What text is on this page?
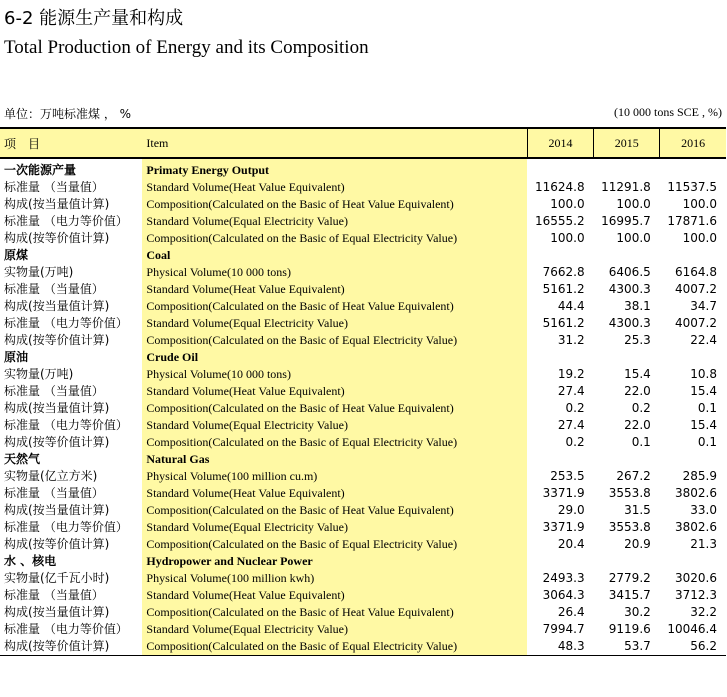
6-2 能源生产量和构成
Total Production of Energy and its Composition
单位：万吨标准煤 ， %	(10 000 tons SCE , %)
项　目	Item	2014	2015	2016

一次能源产量	Primaty Energy Output			
标准量 （当量值）	Standard Volume(Heat Value Equivalent)	11624.8	11291.8	11537.5
构成(按当量值计算)	Composition(Calculated on the Basic of Heat Value Equivalent)	100.0	100.0	100.0
标准量 （电力等价值）	Standard Volume(Equal Electricity Value)	16555.2	16995.7	17871.6
构成(按等价值计算)	Composition(Calculated on the Basic of Equal Electricity Value)	100.0	100.0	100.0
原煤	Coal			
实物量(万吨)	Physical Volume(10 000 tons)	7662.8	6406.5	6164.8
标准量 （当量值）	Standard Volume(Heat Value Equivalent)	5161.2	4300.3	4007.2
构成(按当量值计算)	Composition(Calculated on the Basic of Heat Value Equivalent)	44.4	38.1	34.7
标准量 （电力等价值）	Standard Volume(Equal Electricity Value)	5161.2	4300.3	4007.2
构成(按等价值计算)	Composition(Calculated on the Basic of Equal Electricity Value)	31.2	25.3	22.4
原油	Crude Oil			
实物量(万吨)	Physical Volume(10 000 tons)	19.2	15.4	10.8
标准量 （当量值）	Standard Volume(Heat Value Equivalent)	27.4	22.0	15.4
构成(按当量值计算)	Composition(Calculated on the Basic of Heat Value Equivalent)	0.2	0.2	0.1
标准量 （电力等价值）	Standard Volume(Equal Electricity Value)	27.4	22.0	15.4
构成(按等价值计算)	Composition(Calculated on the Basic of Equal Electricity Value)	0.2	0.1	0.1
天然气	Natural Gas			
实物量(亿立方米)	Physical Volume(100 million cu.m)	253.5	267.2	285.9
标准量 （当量值）	Standard Volume(Heat Value Equivalent)	3371.9	3553.8	3802.6
构成(按当量值计算)	Composition(Calculated on the Basic of Heat Value Equivalent)	29.0	31.5	33.0
标准量 （电力等价值）	Standard Volume(Equal Electricity Value)	3371.9	3553.8	3802.6
构成(按等价值计算)	Composition(Calculated on the Basic of Equal Electricity Value)	20.4	20.9	21.3
水 、核电	Hydropower and Nuclear Power			
实物量(亿千瓦小时)	Physical Volume(100 million kwh)	2493.3	2779.2	3020.6
标准量 （当量值）	Standard Volume(Heat Value Equivalent)	3064.3	3415.7	3712.3
构成(按当量值计算)	Composition(Calculated on the Basic of Heat Value Equivalent)	26.4	30.2	32.2
标准量 （电力等价值）	Standard Volume(Equal Electricity Value)	7994.7	9119.6	10046.4
构成(按等价值计算)	Composition(Calculated on the Basic of Equal Electricity Value)	48.3	53.7	56.2
